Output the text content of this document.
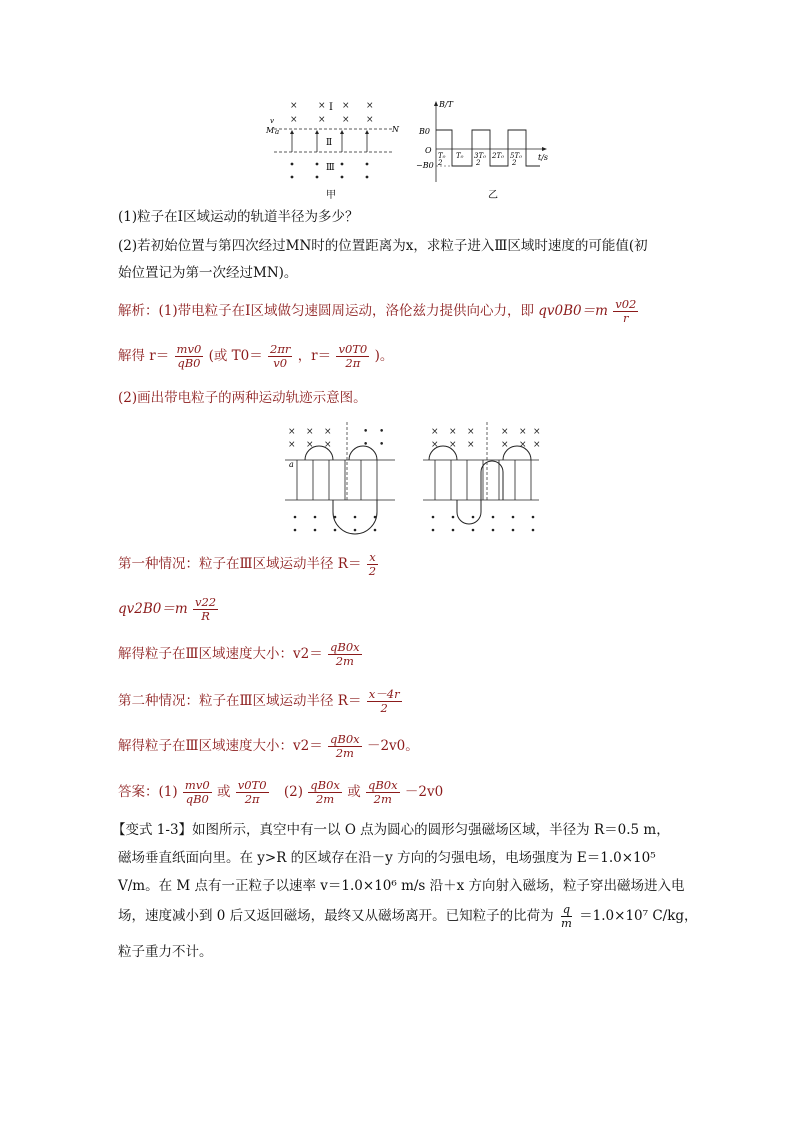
× × × ×
× × × ×
Ⅰ
v
M	N
a
Ⅱ
Ⅲ
甲
B/T
t/s
O
B0
−B0
T₀
2
T₀ 3T₀
2
2T₀ 5T₀
2
乙
(1)粒子在Ⅰ区域运动的轨道半径为多少？
(2)若初始位置与第四次经过MN时的位置距离为x，求粒子进入Ⅲ区域时速度的可能值(初
始位置记为第一次经过MN)。
解析：(1)带电粒子在Ⅰ区域做匀速圆周运动，洛伦兹力提供向心力，即 $qv0B0=m \frac{v02}{r}$
解得 $r= \frac{mv0}{qB0}$ (或 $T0= \frac{2\pi r}{v0}$ ，$r= \frac{v0T0}{2\pi}$ )。
(2)画出带电粒子的两种运动轨迹示意图。
× × ×	• •
× × ×	• •
a
× × ×	× × ×
× × ×	× × ×
第一种情况：粒子在Ⅲ区域运动半径 $R= \frac{x}{2}$
$qv2B0=m \frac{v22}{R}$
解得粒子在Ⅲ区域速度大小：$v2= \frac{qB0x}{2m}$
第二种情况：粒子在Ⅲ区域运动半径 $R= \frac{x-4r}{2}$
解得粒子在Ⅲ区域速度大小：$v2= \frac{qB0x}{2m} -2v0$。
答案：$(1) \frac{mv0}{qB0}$ 或 $\frac{v0T0}{2\pi} (2) \frac{qB0x}{2m}$ 或 $\frac{qB0x}{2m} -2v0$
【变式 1-3】如图所示，真空中有一以 O 点为圆心的圆形匀强磁场区域，半径为 R＝0.5 m，
磁场垂直纸面向里。在 y>R 的区域存在沿－y 方向的匀强电场，电场强度为 E＝1.0×10⁵
V/m。在 M 点有一正粒子以速率 v＝1.0×10⁶ m/s 沿＋x 方向射入磁场，粒子穿出磁场进入电
场，速度减小到 0 后又返回磁场，最终又从磁场离开。已知粒子的比荷为 $\frac{q}{m} =1.0\times 10^7$ C/kg，
粒子重力不计。
